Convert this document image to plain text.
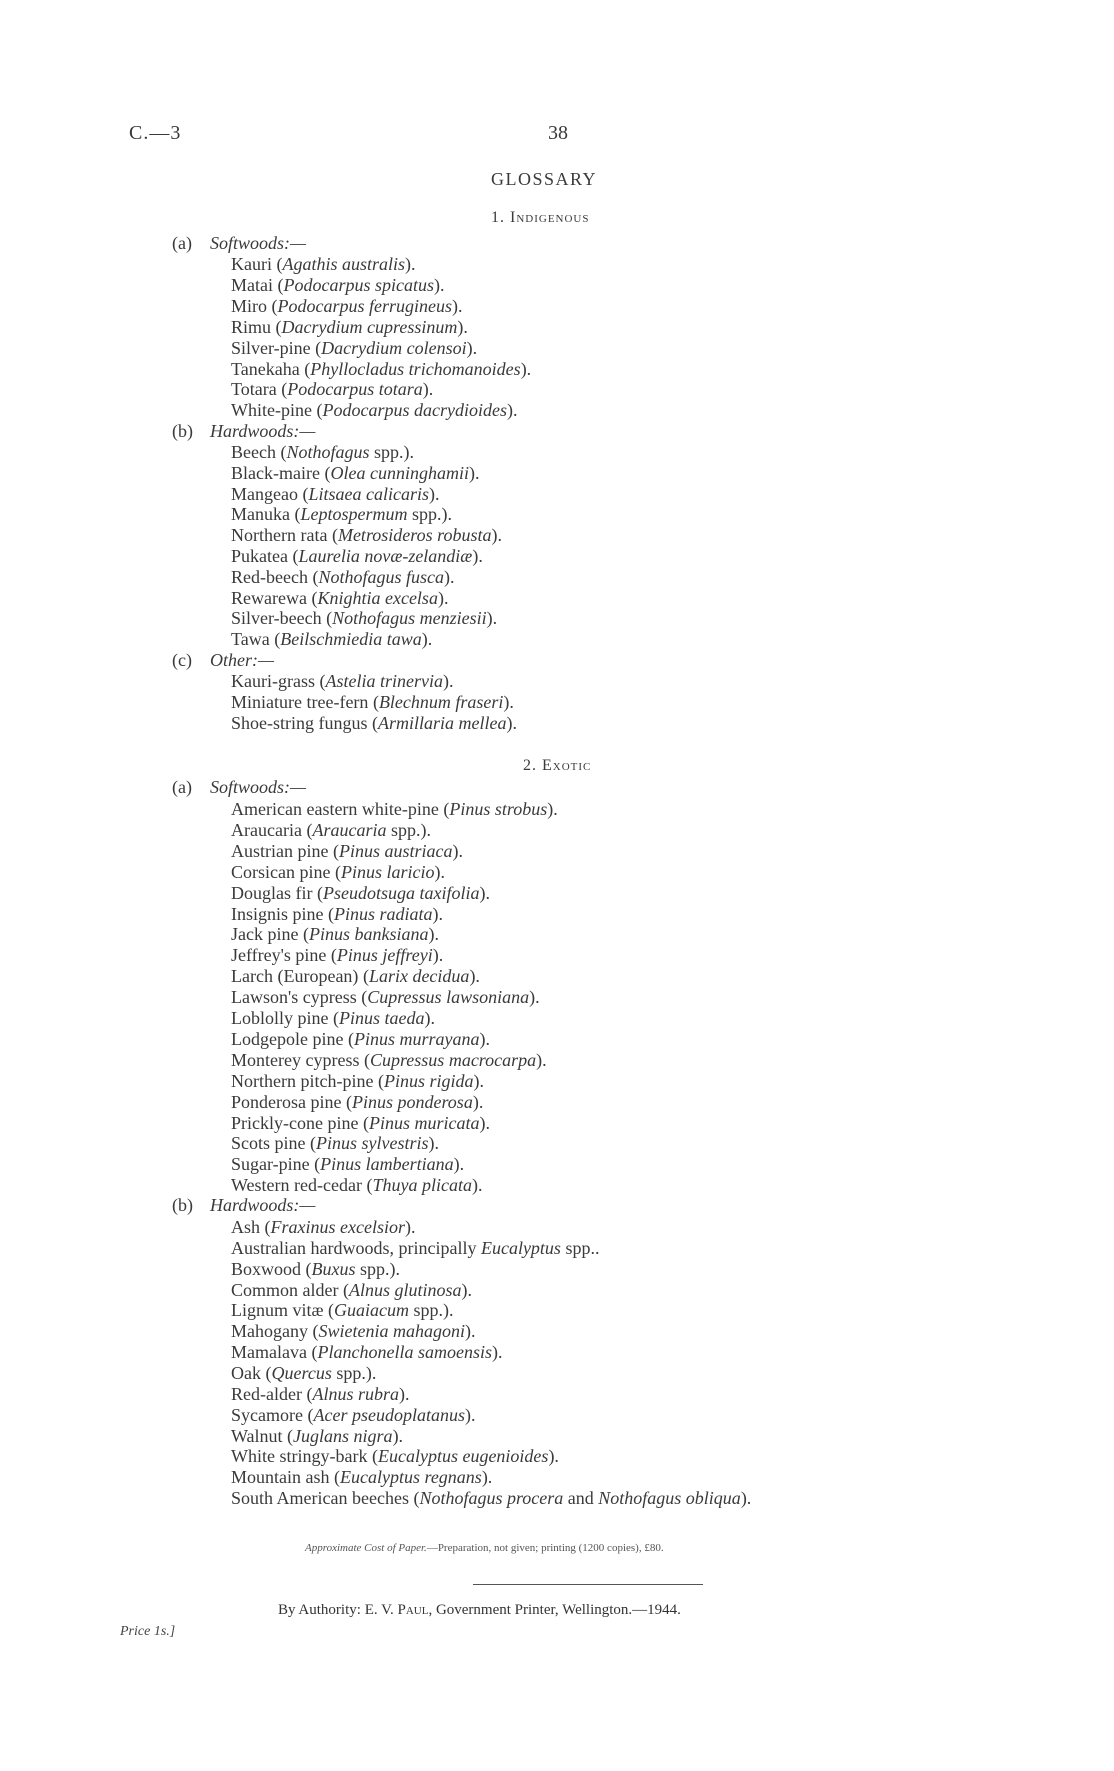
C.—3	38
GLOSSARY
1. Indigenous
2. Exotic
(a) Softwoods:—
Kauri (Agathis australis).
Matai (Podocarpus spicatus).
Miro (Podocarpus ferrugineus).
Rimu (Dacrydium cupressinum).
Silver-pine (Dacrydium colensoi).
Tanekaha (Phyllocladus trichomanoides).
Totara (Podocarpus totara).
White-pine (Podocarpus dacrydioides).
(b) Hardwoods:—
Beech (Nothofagus spp.).
Black-maire (Olea cunninghamii).
Mangeao (Litsaea calicaris).
Manuka (Leptospermum spp.).
Northern rata (Metrosideros robusta).
Pukatea (Laurelia novæ-zelandiæ).
Red-beech (Nothofagus fusca).
Rewarewa (Knightia excelsa).
Silver-beech (Nothofagus menziesii).
Tawa (Beilschmiedia tawa).
(c) Other:—
Kauri-grass (Astelia trinervia).
Miniature tree-fern (Blechnum fraseri).
Shoe-string fungus (Armillaria mellea).
(a) Softwoods:—
American eastern white-pine (Pinus strobus).
Araucaria (Araucaria spp.).
Austrian pine (Pinus austriaca).
Corsican pine (Pinus laricio).
Douglas fir (Pseudotsuga taxifolia).
Insignis pine (Pinus radiata).
Jack pine (Pinus banksiana).
Jeffrey's pine (Pinus jeffreyi).
Larch (European) (Larix decidua).
Lawson's cypress (Cupressus lawsoniana).
Loblolly pine (Pinus taeda).
Lodgepole pine (Pinus murrayana).
Monterey cypress (Cupressus macrocarpa).
Northern pitch-pine (Pinus rigida).
Ponderosa pine (Pinus ponderosa).
Prickly-cone pine (Pinus muricata).
Scots pine (Pinus sylvestris).
Sugar-pine (Pinus lambertiana).
Western red-cedar (Thuya plicata).
(b) Hardwoods:—
Ash (Fraxinus excelsior).
Australian hardwoods, principally Eucalyptus spp..
Boxwood (Buxus spp.).
Common alder (Alnus glutinosa).
Lignum vitæ (Guaiacum spp.).
Mahogany (Swietenia mahagoni).
Mamalava (Planchonella samoensis).
Oak (Quercus spp.).
Red-alder (Alnus rubra).
Sycamore (Acer pseudoplatanus).
Walnut (Juglans nigra).
White stringy-bark (Eucalyptus eugenioides).
Mountain ash (Eucalyptus regnans).
South American beeches (Nothofagus procera and Nothofagus obliqua).
Approximate Cost of Paper.—Preparation, not given; printing (1200 copies), £80.
By Authority: E. V. Paul, Government Printer, Wellington.—1944.
Price 1s.]
